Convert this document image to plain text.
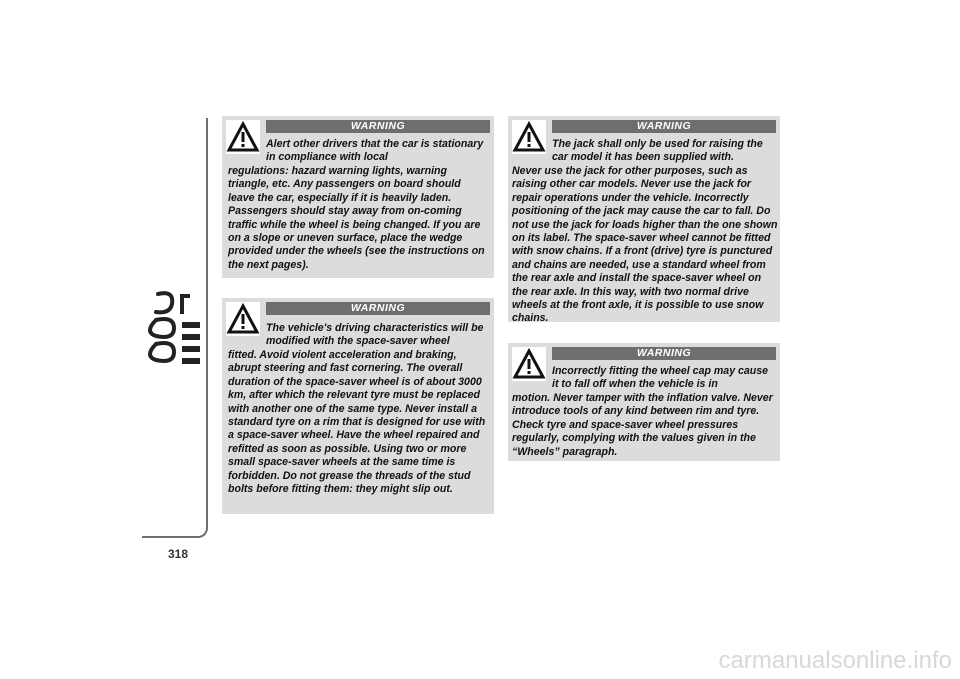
318
WARNING

Alert other drivers that the car is stationary in compliance with local

regulations: hazard warning lights, warning triangle, etc. Any passengers on board should leave the car, especially if it is heavily laden. Passengers should stay away from on-coming traffic while the wheel is being changed. If you are on a slope or uneven surface, place the wedge provided under the wheels (see the instructions on the next pages).

WARNING

The vehicle's driving characteristics will be modified with the space-saver wheel

fitted. Avoid violent acceleration and braking, abrupt steering and fast cornering. The overall duration of the space-saver wheel is of about 3000 km, after which the relevant tyre must be replaced with another one of the same type. Never install a standard tyre on a rim that is designed for use with a space-saver wheel. Have the wheel repaired and refitted as soon as possible. Using two or more small space-saver wheels at the same time is forbidden. Do not grease the threads of the stud bolts before fitting them: they might slip out.

WARNING

The jack shall only be used for raising the car model it has been supplied with.

Never use the jack for other purposes, such as raising other car models. Never use the jack for repair operations under the vehicle. Incorrectly positioning of the jack may cause the car to fall. Do not use the jack for loads higher than the one shown on its label. The space-saver wheel cannot be fitted with snow chains. If a front (drive) tyre is punctured and chains are needed, use a standard wheel from the rear axle and install the space-saver wheel on the rear axle. In this way, with two normal drive wheels at the front axle, it is possible to use snow chains.

WARNING

Incorrectly fitting the wheel cap may cause it to fall off when the vehicle is in

motion. Never tamper with the inflation valve. Never introduce tools of any kind between rim and tyre. Check tyre and space-saver wheel pressures regularly, complying with the values given in the “Wheels” paragraph.

carmanualsonline.info
